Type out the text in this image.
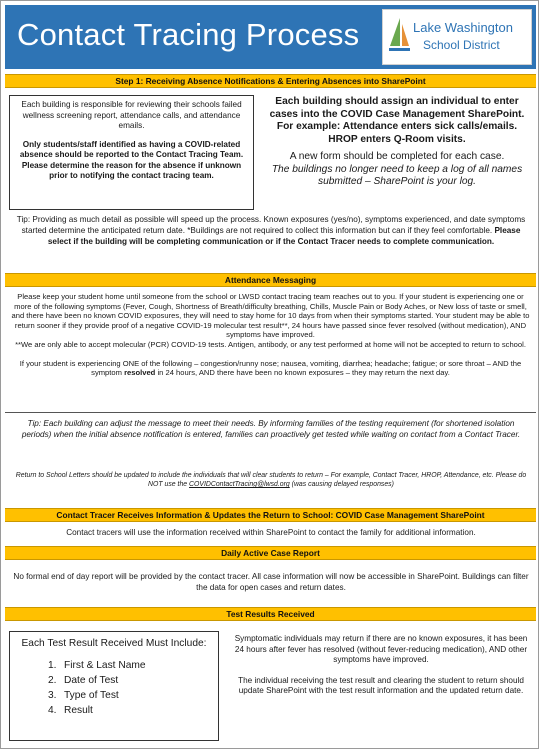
Contact Tracing Process	Lake Washington
School District
Step 1: Receiving Absence Notifications & Entering Absences into SharePoint
Each building is responsible for reviewing their schools failed wellness screening report, attendance calls, and attendance emails.
Only students/staff identified as having a COVID-related absence should be reported to the Contact Tracing Team. Please determine the reason for the absence if unknown prior to notifying the contact tracing team.
Each building should assign an individual to enter cases into the COVID Case Management SharePoint. For example: Attendance enters sick calls/emails. HROP enters Q-Room visits.
A new form should be completed for each case.
The buildings no longer need to keep a log of all names submitted – SharePoint is your log.
Tip: Providing as much detail as possible will speed up the process. Known exposures (yes/no), symptoms experienced, and date symptoms started determine the anticipated return date. *Buildings are not required to collect this information but can if they feel comfortable. Please select if the building will be completing communication or if the Contact Tracer needs to complete communication.
Attendance Messaging
Please keep your student home until someone from the school or LWSD contact tracing team reaches out to you. If your student is experiencing one or more of the following symptoms (Fever, Cough, Shortness of Breath/difficulty breathing, Chills, Muscle Pain or Body Aches, or New loss of taste or smell, and there have been no known COVID exposures, they will need to stay home for 10 days from when their symptoms started. Your student may be able to return sooner if they provide proof of a negative COVID-19 molecular test result**, 24 hours have passed since fever resolved (without medication), AND symptoms have improved.
**We are only able to accept molecular (PCR) COVID-19 tests. Antigen, antibody, or any test performed at home will not be accepted to return to school.
If your student is experiencing ONE of the following – congestion/runny nose; nausea, vomiting, diarrhea; headache; fatigue; or sore throat – AND the symptom resolved in 24 hours, AND there have been no known exposures – they may return the next day.
Tip: Each building can adjust the message to meet their needs. By informing families of the testing requirement (for shortened isolation periods) when the initial absence notification is entered, families can proactively get tested while waiting on contact from a Contact Tracer.
Return to School Letters should be updated to include the individuals that will clear students to return – For example, Contact Tracer, HROP, Attendance, etc. Please do NOT use the COVIDContactTracing@lwsd.org (was causing delayed responses)
Contact Tracer Receives Information & Updates the Return to School: COVID Case Management SharePoint
Contact tracers will use the information received within SharePoint to contact the family for additional information.
Daily Active Case Report
No formal end of day report will be provided by the contact tracer. All case information will now be accessible in SharePoint. Buildings can filter the data for open cases and return dates.
Test Results Received
Each Test Result Received Must Include:
1. First & Last Name
2. Date of Test
3. Type of Test
4. Result
Symptomatic individuals may return if there are no known exposures, it has been 24 hours after fever has resolved (without fever-reducing medication), AND other symptoms have improved.
The individual receiving the test result and clearing the student to return should update SharePoint with the test result information and the updated return date.
